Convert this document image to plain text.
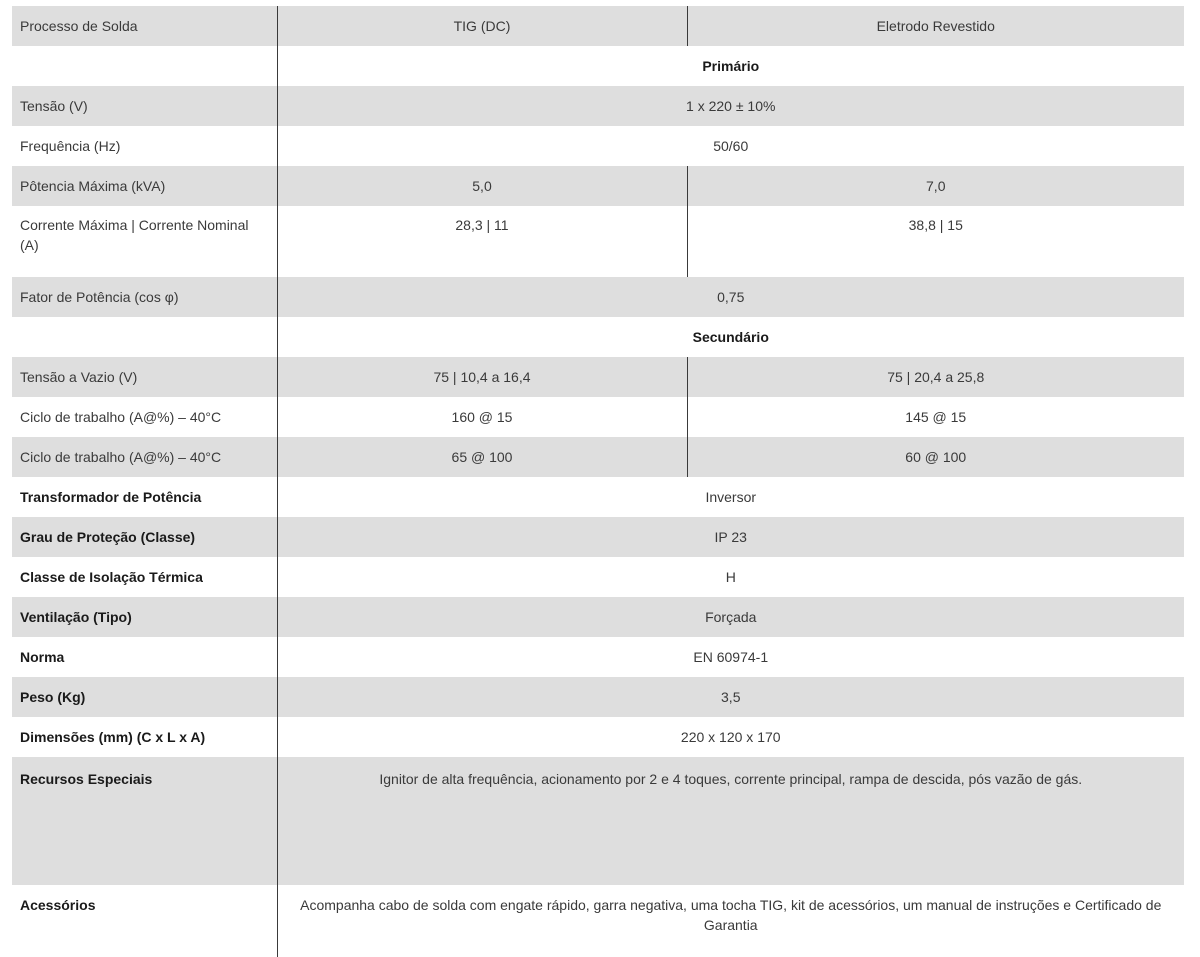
Processo de Solda	TIG (DC)	Eletrodo Revestido
	Primário	
Tensão (V)	1 x 220 ± 10%	
Frequência (Hz)	50/60	
Pôtencia Máxima (kVA)	5,0	7,0
Corrente Máxima | Corrente Nominal (A)	28,3 | 11	38,8 | 15
Fator de Potência (cos φ)	0,75	
	Secundário	
Tensão a Vazio (V)	75 | 10,4 a 16,4	75 | 20,4 a 25,8
Ciclo de trabalho (A@%) – 40°C	160 @ 15	145 @ 15
Ciclo de trabalho (A@%) – 40°C	65 @ 100	60 @ 100
Transformador de Potência	Inversor	
Grau de Proteção (Classe)	IP 23	
Classe de Isolação Térmica	H	
Ventilação (Tipo)	Forçada	
Norma	EN 60974-1	
Peso (Kg)	3,5	
Dimensões (mm) (C x L x A)	220 x 120 x 170	
Recursos Especiais	Ignitor de alta frequência, acionamento por 2 e 4 toques, corrente principal, rampa de descida, pós vazão de gás.	
Acessórios	Acompanha cabo de solda com engate rápido, garra negativa, uma tocha TIG, kit de acessórios, um manual de instruções e Certificado de Garantia	
